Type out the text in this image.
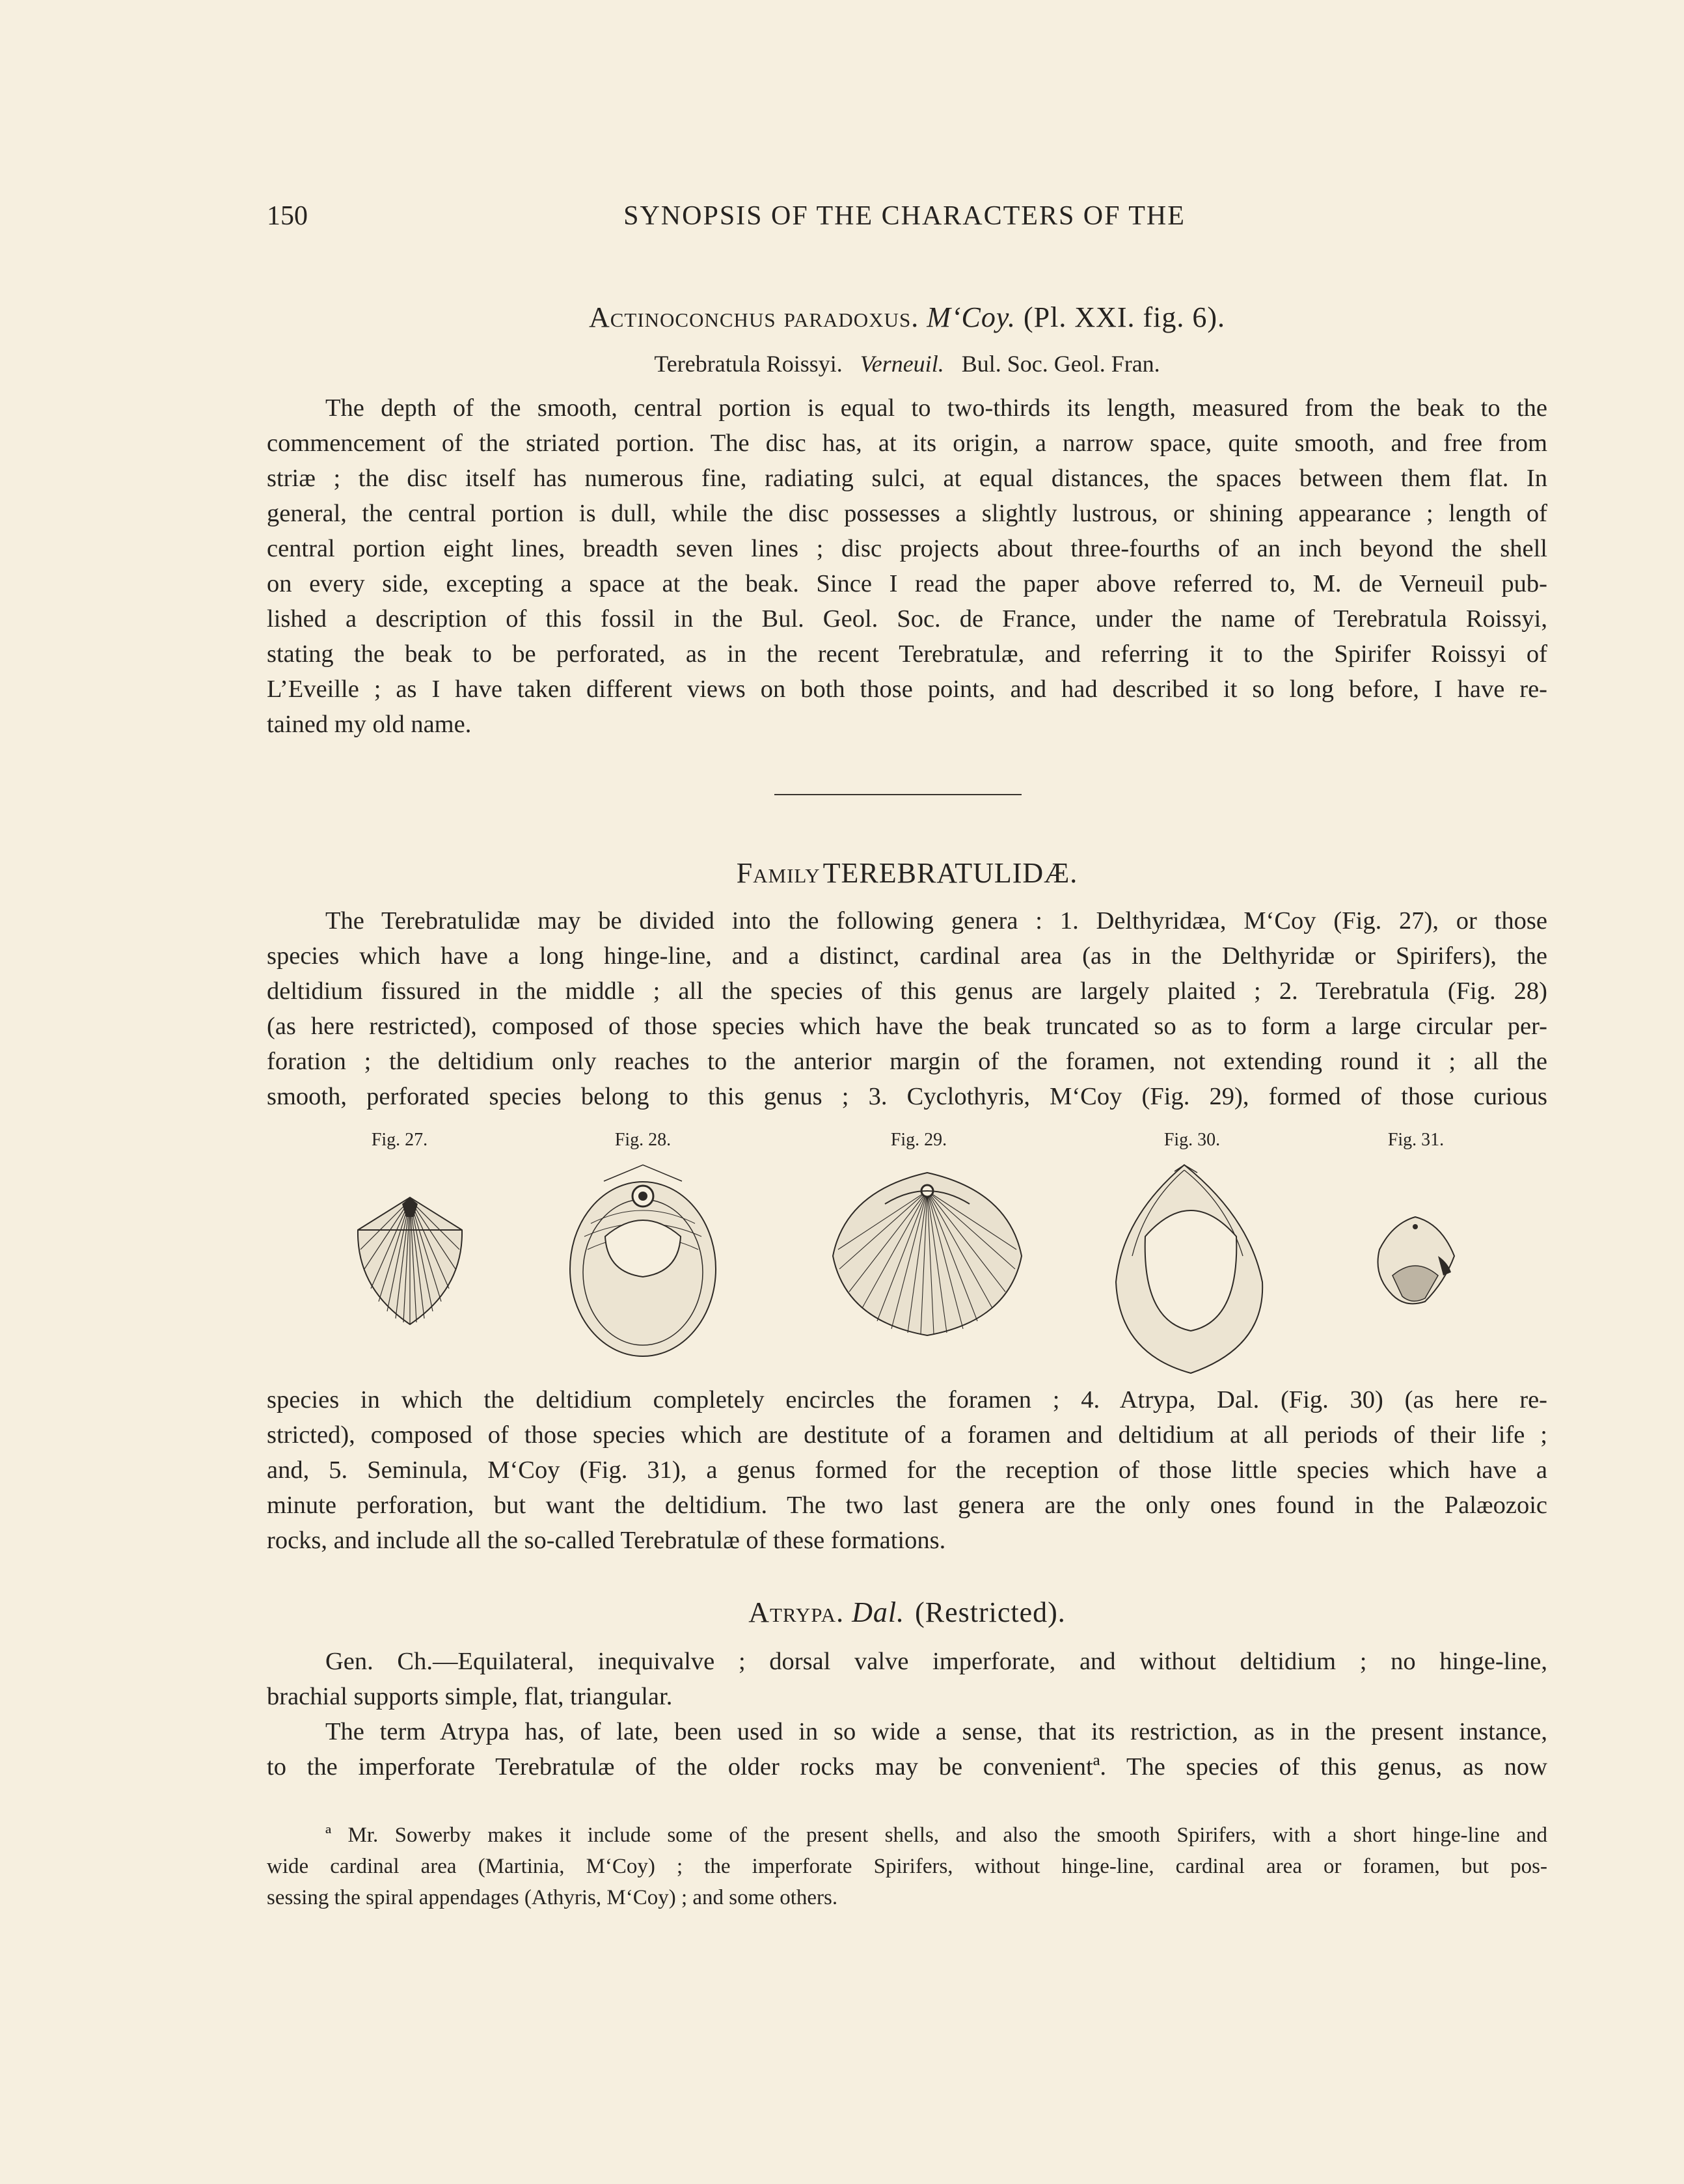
150	SYNOPSIS OF THE CHARACTERS OF THE
Actinoconchus paradoxus. M‘Coy. (Pl. XXI. fig. 6).
Terebratula Roissyi. Verneuil. Bul. Soc. Geol. Fran.

The depth of the smooth, central portion is equal to two-thirds its length, measured from the beak to the

commencement of the striated portion. The disc has, at its origin, a narrow space, quite smooth, and free from

striæ ; the disc itself has numerous fine, radiating sulci, at equal distances, the spaces between them flat. In

general, the central portion is dull, while the disc possesses a slightly lustrous, or shining appearance ; length of

central portion eight lines, breadth seven lines ; disc projects about three-fourths of an inch beyond the shell

on every side, excepting a space at the beak. Since I read the paper above referred to, M. de Verneuil pub-

lished a description of this fossil in the Bul. Geol. Soc. de France, under the name of Terebratula Roissyi,

stating the beak to be perforated, as in the recent Terebratulæ, and referring it to the Spirifer Roissyi of

L’Eveille ; as I have taken different views on both those points, and had described it so long before, I have re-

tained my old name.

Family TEREBRATULIDÆ.

The Terebratulidæ may be divided into the following genera : 1. Delthyridæa, M‘Coy (Fig. 27), or those

species which have a long hinge-line, and a distinct, cardinal area (as in the Delthyridæ or Spirifers), the

deltidium fissured in the middle ; all the species of this genus are largely plaited ; 2. Terebratula (Fig. 28)

(as here restricted), composed of those species which have the beak truncated so as to form a large circular per-

foration ; the deltidium only reaches to the anterior margin of the foramen, not extending round it ; all the

smooth, perforated species belong to this genus ; 3. Cyclothyris, M‘Coy (Fig. 29), formed of those curious

Fig. 27.	Fig. 28.	Fig. 29.	Fig. 30.	Fig. 31.

species in which the deltidium completely encircles the foramen ; 4. Atrypa, Dal. (Fig. 30) (as here re-

stricted), composed of those species which are destitute of a foramen and deltidium at all periods of their life ;

and, 5. Seminula, M‘Coy (Fig. 31), a genus formed for the reception of those little species which have a

minute perforation, but want the deltidium. The two last genera are the only ones found in the Palæozoic

rocks, and include all the so-called Terebratulæ of these formations.

Atrypa. Dal. (Restricted).

Gen. Ch.—Equilateral, inequivalve ; dorsal valve imperforate, and without deltidium ; no hinge-line,

brachial supports simple, flat, triangular.

The term Atrypa has, of late, been used in so wide a sense, that its restriction, as in the present instance,

to the imperforate Terebratulæ of the older rocks may be convenientª. The species of this genus, as now

ª Mr. Sowerby makes it include some of the present shells, and also the smooth Spirifers, with a short hinge-line and

wide cardinal area (Martinia, M‘Coy) ; the imperforate Spirifers, without hinge-line, cardinal area or foramen, but pos-

sessing the spiral appendages (Athyris, M‘Coy) ; and some others.
